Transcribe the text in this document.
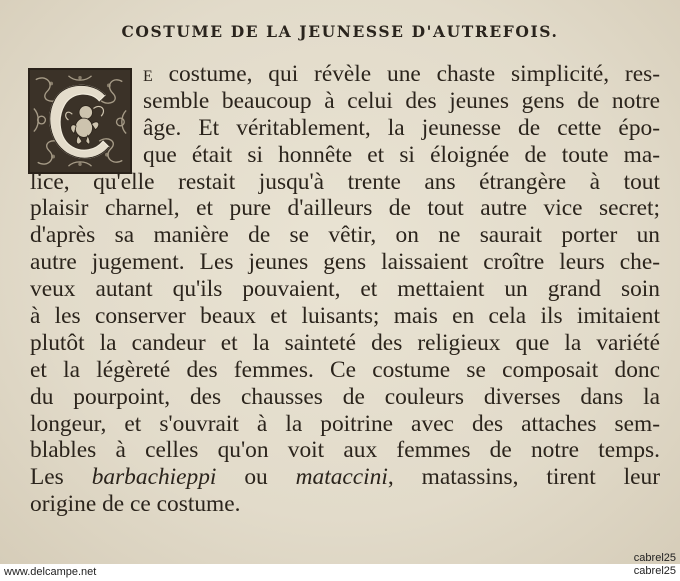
COSTUME DE LA JEUNESSE D'AUTREFOIS.
e costume, qui révèle une chaste simplicité, res-
semble beaucoup à celui des jeunes gens de notre
âge. Et véritablement, la jeunesse de cette épo-
que était si honnête et si éloignée de toute ma-
lice, qu'elle restait jusqu'à trente ans étrangère à tout
plaisir charnel, et pure d'ailleurs de tout autre vice secret;
d'après sa manière de se vêtir, on ne saurait porter un
autre jugement. Les jeunes gens laissaient croître leurs che-
veux autant qu'ils pouvaient, et mettaient un grand soin
à les conserver beaux et luisants; mais en cela ils imitaient
plutôt la candeur et la sainteté des religieux que la variété
et la légèreté des femmes. Ce costume se composait donc
du pourpoint, des chausses de couleurs diverses dans la
longeur, et s'ouvrait à la poitrine avec des attaches sem-
blables à celles qu'on voit aux femmes de notre temps.
Les barbachieppi ou mataccini, matassins, tirent leur
origine de ce costume.
www.delcampe.net
cabrel25
cabrel25
